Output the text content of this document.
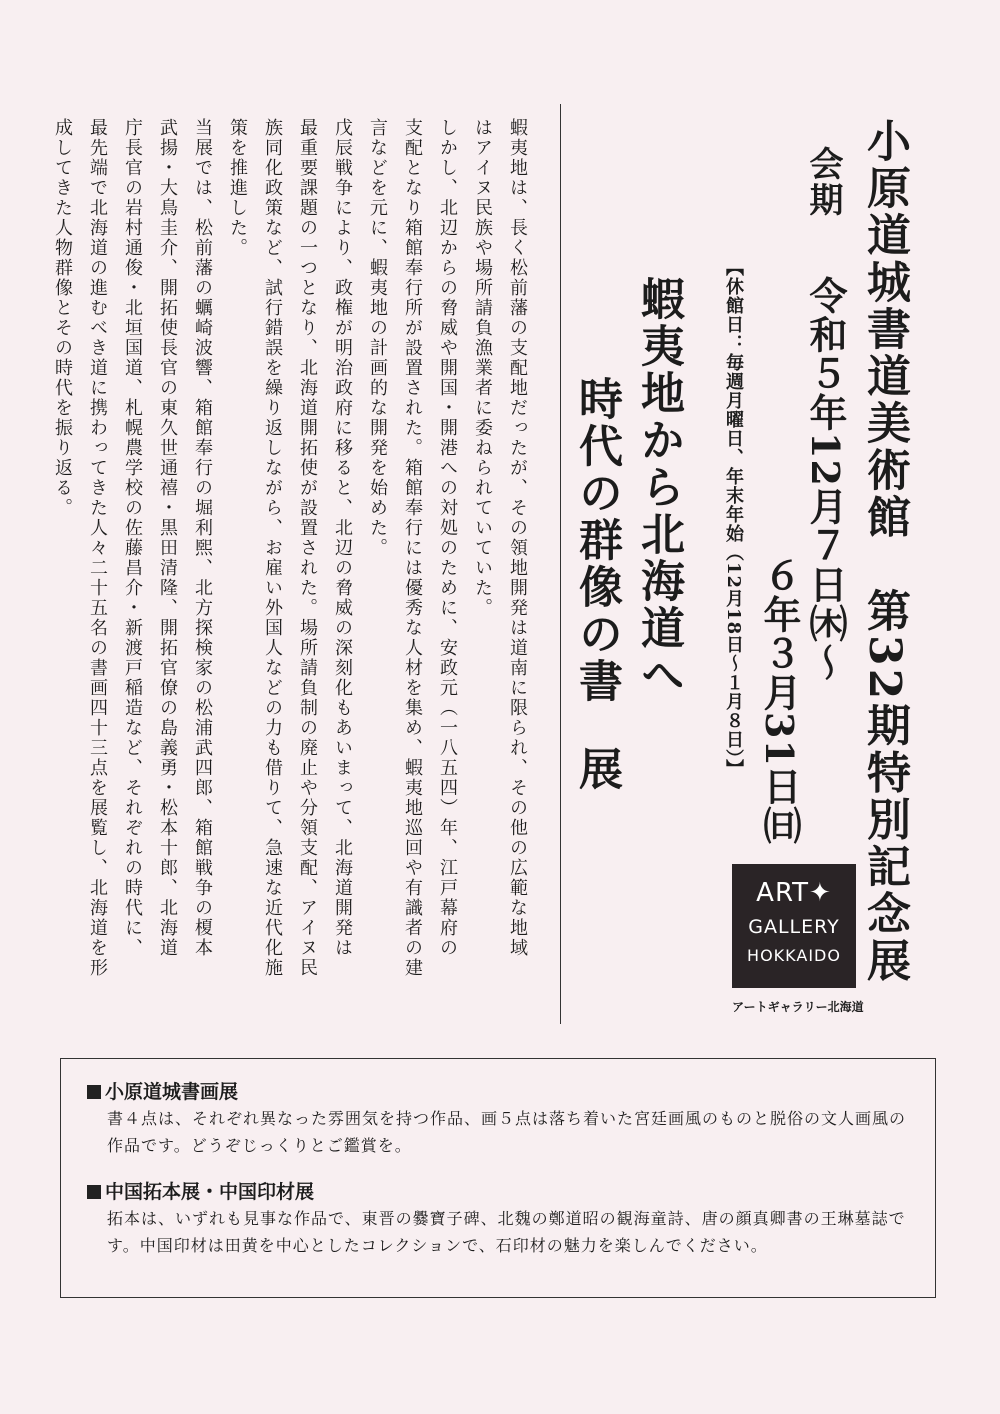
小原道城書道美術館　第32期特別記念展
会期
令和５年12月７日㈭～
６年３月31日㈰
【休館日：毎週月曜日、年末年始（12月18日～１月８日）】
蝦夷地から北海道へ
時代の群像の書
展
蝦夷地は、長く松前藩の支配地だったが、その領地開発は道南に限られ、その他の広範な地域
はアイヌ民族や場所請負漁業者に委ねられていていた。
しかし、北辺からの脅威や開国・開港への対処のために、安政元（一八五四）年、江戸幕府の
支配となり箱館奉行所が設置された。箱館奉行には優秀な人材を集め、蝦夷地巡回や有識者の建
言などを元に、蝦夷地の計画的な開発を始めた。
戊辰戦争により、政権が明治政府に移ると、北辺の脅威の深刻化もあいまって、北海道開発は
最重要課題の一つとなり、北海道開拓使が設置された。場所請負制の廃止や分領支配、アイヌ民
族同化政策など、試行錯誤を繰り返しながら、お雇い外国人などの力も借りて、急速な近代化施
策を推進した。
当展では、松前藩の蠣崎波響、箱館奉行の堀利煕、北方探検家の松浦武四郎、箱館戦争の榎本
武揚・大鳥圭介、開拓使長官の東久世通禧・黒田清隆、開拓官僚の島義勇・松本十郎、北海道
庁長官の岩村通俊・北垣国道、札幌農学校の佐藤昌介・新渡戸稲造など、それぞれの時代に、
最先端で北海道の進むべき道に携わってきた人々二十五名の書画四十三点を展覧し、北海道を形
成してきた人物群像とその時代を振り返る。
ART✦
GALLERY
HOKKAIDO
アートギャラリー北海道
小原道城書画展
書４点は、それぞれ異なった雰囲気を持つ作品、画５点は落ち着いた宮廷画風のものと脱俗の文人画風の作品です。どうぞじっくりとご鑑賞を。
中国拓本展・中国印材展
拓本は、いずれも見事な作品で、東晋の爨寶子碑、北魏の鄭道昭の観海童詩、唐の顔真卿書の王琳墓誌です。中国印材は田黄を中心としたコレクションで、石印材の魅力を楽しんでください。
